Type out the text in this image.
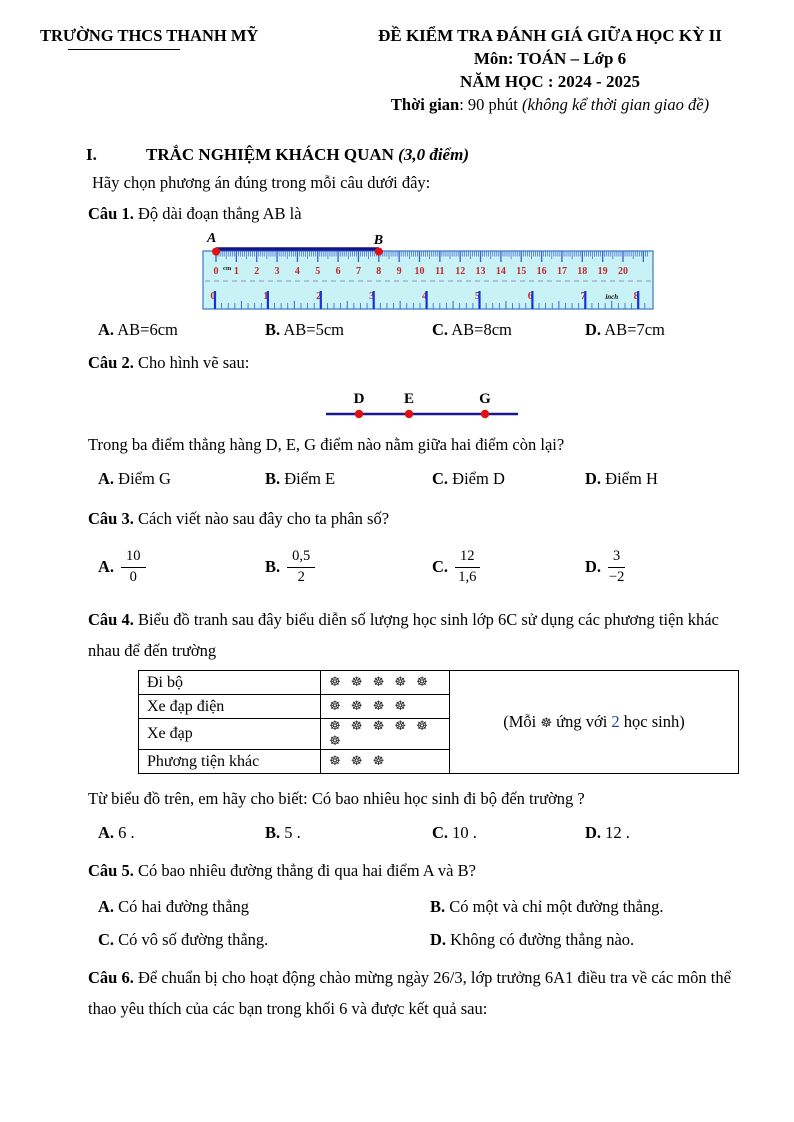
TRƯỜNG THCS THANH MỸ	ĐỀ KIỂM TRA ĐÁNH GIÁ GIỮA HỌC KỲ II
Môn: TOÁN – Lớp 6
NĂM HỌC : 2024 - 2025
Thời gian: 90 phút (không kể thời gian giao đề)
I.	TRẮC NGHIỆM KHÁCH QUAN (3,0 điểm)
Hãy chọn phương án đúng trong mỗi câu dưới đây:

Câu 1. Độ dài đoạn thẳng AB là

0 1 2 3 4 5 6 7 8 9 10 11 12 13 14 15 16 17 18 19 20
cm
0	1	2	3	4	5	6	7	8
inch
A	B
A. AB=6cm	B. AB=5cm	C. AB=8cm	D. AB=7cm

Câu 2. Cho hình vẽ sau:

D	E	G

Trong ba điểm thẳng hàng D, E, G điểm nào nằm giữa hai điểm còn lại?

A. Điểm G	B. Điểm E	C. Điểm D	D. Điểm H

Câu 3. Cách viết nào sau đây cho ta phân số?

A. $\frac{10}{0}$	B. $\frac{0,5}{2}$	C. $\frac{12}{1,6}$	D. $\frac{3}{-2}$

Câu 4. Biểu đồ tranh sau đây biểu diễn số lượng học sinh lớp 6C sử dụng các phương tiện khác nhau để đến trường

Đi bộ	☸ ☸ ☸ ☸ ☸	(Mỗi ☸ ứng với 2 học sinh)
Xe đạp điện	☸ ☸ ☸ ☸	
Xe đạp	☸ ☸ ☸ ☸ ☸ ☸	
Phương tiện khác	☸ ☸ ☸	

Từ biểu đồ trên, em hãy cho biết: Có bao nhiêu học sinh đi bộ đến trường ?

A. 6 .	B. 5 .	C. 10 .	D. 12 .

Câu 5. Có bao nhiêu đường thẳng đi qua hai điểm A và B?

A. Có hai đường thẳng	B. Có một và chỉ một đường thẳng.
C. Có vô số đường thẳng.	D. Không có đường thẳng nào.

Câu 6. Để chuẩn bị cho hoạt động chào mừng ngày 26/3, lớp trưởng 6A1 điều tra về các môn thể thao yêu thích của các bạn trong khối 6 và được kết quả sau:
